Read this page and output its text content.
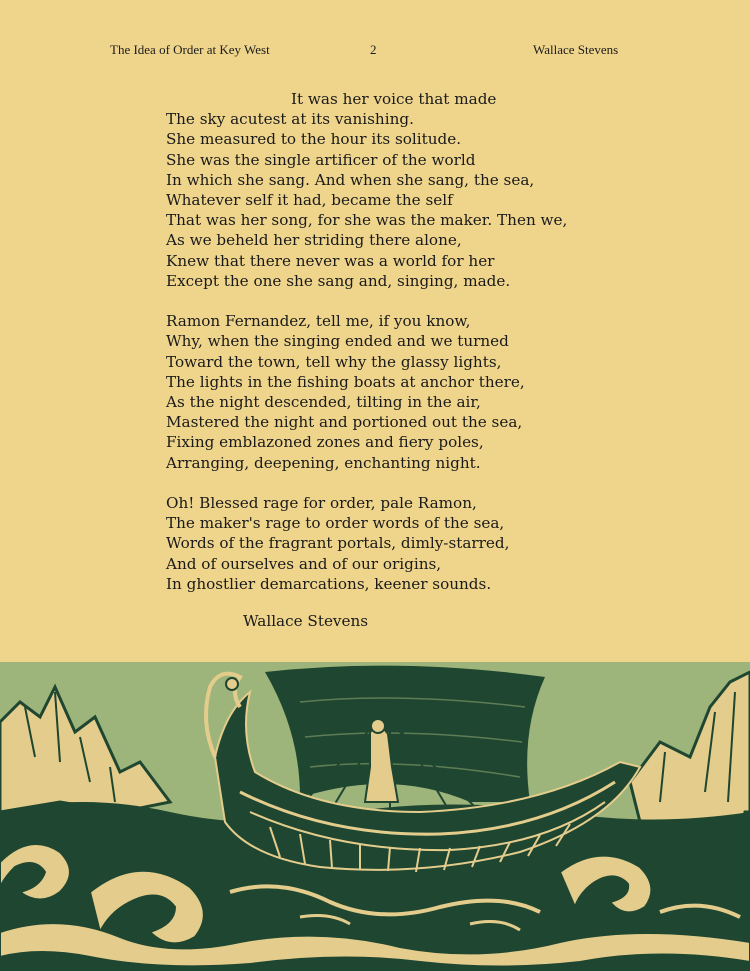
The Idea of Order at Key West	2	Wallace Stevens
It was her voice that made
The sky acutest at its vanishing.
She measured to the hour its solitude.
She was the single artificer of the world
In which she sang. And when she sang, the sea,
Whatever self it had, became the self
That was her song, for she was the maker. Then we,
As we beheld her striding there alone,
Knew that there never was a world for her
Except the one she sang and, singing, made.
Ramon Fernandez, tell me, if you know,
Why, when the singing ended and we turned
Toward the town, tell why the glassy lights,
The lights in the fishing boats at anchor there,
As the night descended, tilting in the air,
Mastered the night and portioned out the sea,
Fixing emblazoned zones and fiery poles,
Arranging, deepening, enchanting night.
Oh! Blessed rage for order, pale Ramon,
The maker's rage to order words of the sea,
Words of the fragrant portals, dimly-starred,
And of ourselves and of our origins,
In ghostlier demarcations, keener sounds.
Wallace Stevens
